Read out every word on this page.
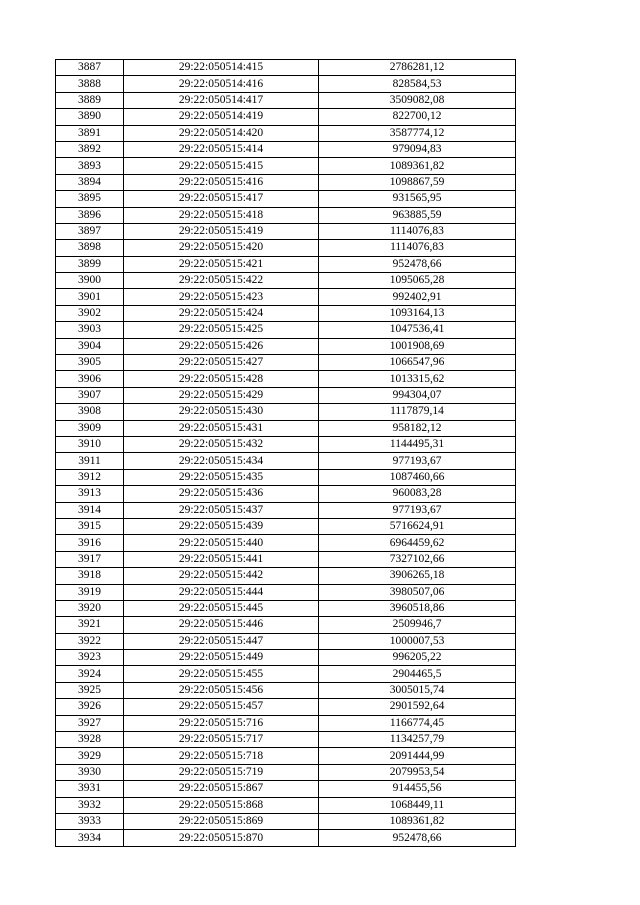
3887	29:22:050514:415	2786281,12
3888	29:22:050514:416	828584,53
3889	29:22:050514:417	3509082,08
3890	29:22:050514:419	822700,12
3891	29:22:050514:420	3587774,12
3892	29:22:050515:414	979094,83
3893	29:22:050515:415	1089361,82
3894	29:22:050515:416	1098867,59
3895	29:22:050515:417	931565,95
3896	29:22:050515:418	963885,59
3897	29:22:050515:419	1114076,83
3898	29:22:050515:420	1114076,83
3899	29:22:050515:421	952478,66
3900	29:22:050515:422	1095065,28
3901	29:22:050515:423	992402,91
3902	29:22:050515:424	1093164,13
3903	29:22:050515:425	1047536,41
3904	29:22:050515:426	1001908,69
3905	29:22:050515:427	1066547,96
3906	29:22:050515:428	1013315,62
3907	29:22:050515:429	994304,07
3908	29:22:050515:430	1117879,14
3909	29:22:050515:431	958182,12
3910	29:22:050515:432	1144495,31
3911	29:22:050515:434	977193,67
3912	29:22:050515:435	1087460,66
3913	29:22:050515:436	960083,28
3914	29:22:050515:437	977193,67
3915	29:22:050515:439	5716624,91
3916	29:22:050515:440	6964459,62
3917	29:22:050515:441	7327102,66
3918	29:22:050515:442	3906265,18
3919	29:22:050515:444	3980507,06
3920	29:22:050515:445	3960518,86
3921	29:22:050515:446	2509946,7
3922	29:22:050515:447	1000007,53
3923	29:22:050515:449	996205,22
3924	29:22:050515:455	2904465,5
3925	29:22:050515:456	3005015,74
3926	29:22:050515:457	2901592,64
3927	29:22:050515:716	1166774,45
3928	29:22:050515:717	1134257,79
3929	29:22:050515:718	2091444,99
3930	29:22:050515:719	2079953,54
3931	29:22:050515:867	914455,56
3932	29:22:050515:868	1068449,11
3933	29:22:050515:869	1089361,82
3934	29:22:050515:870	952478,66
